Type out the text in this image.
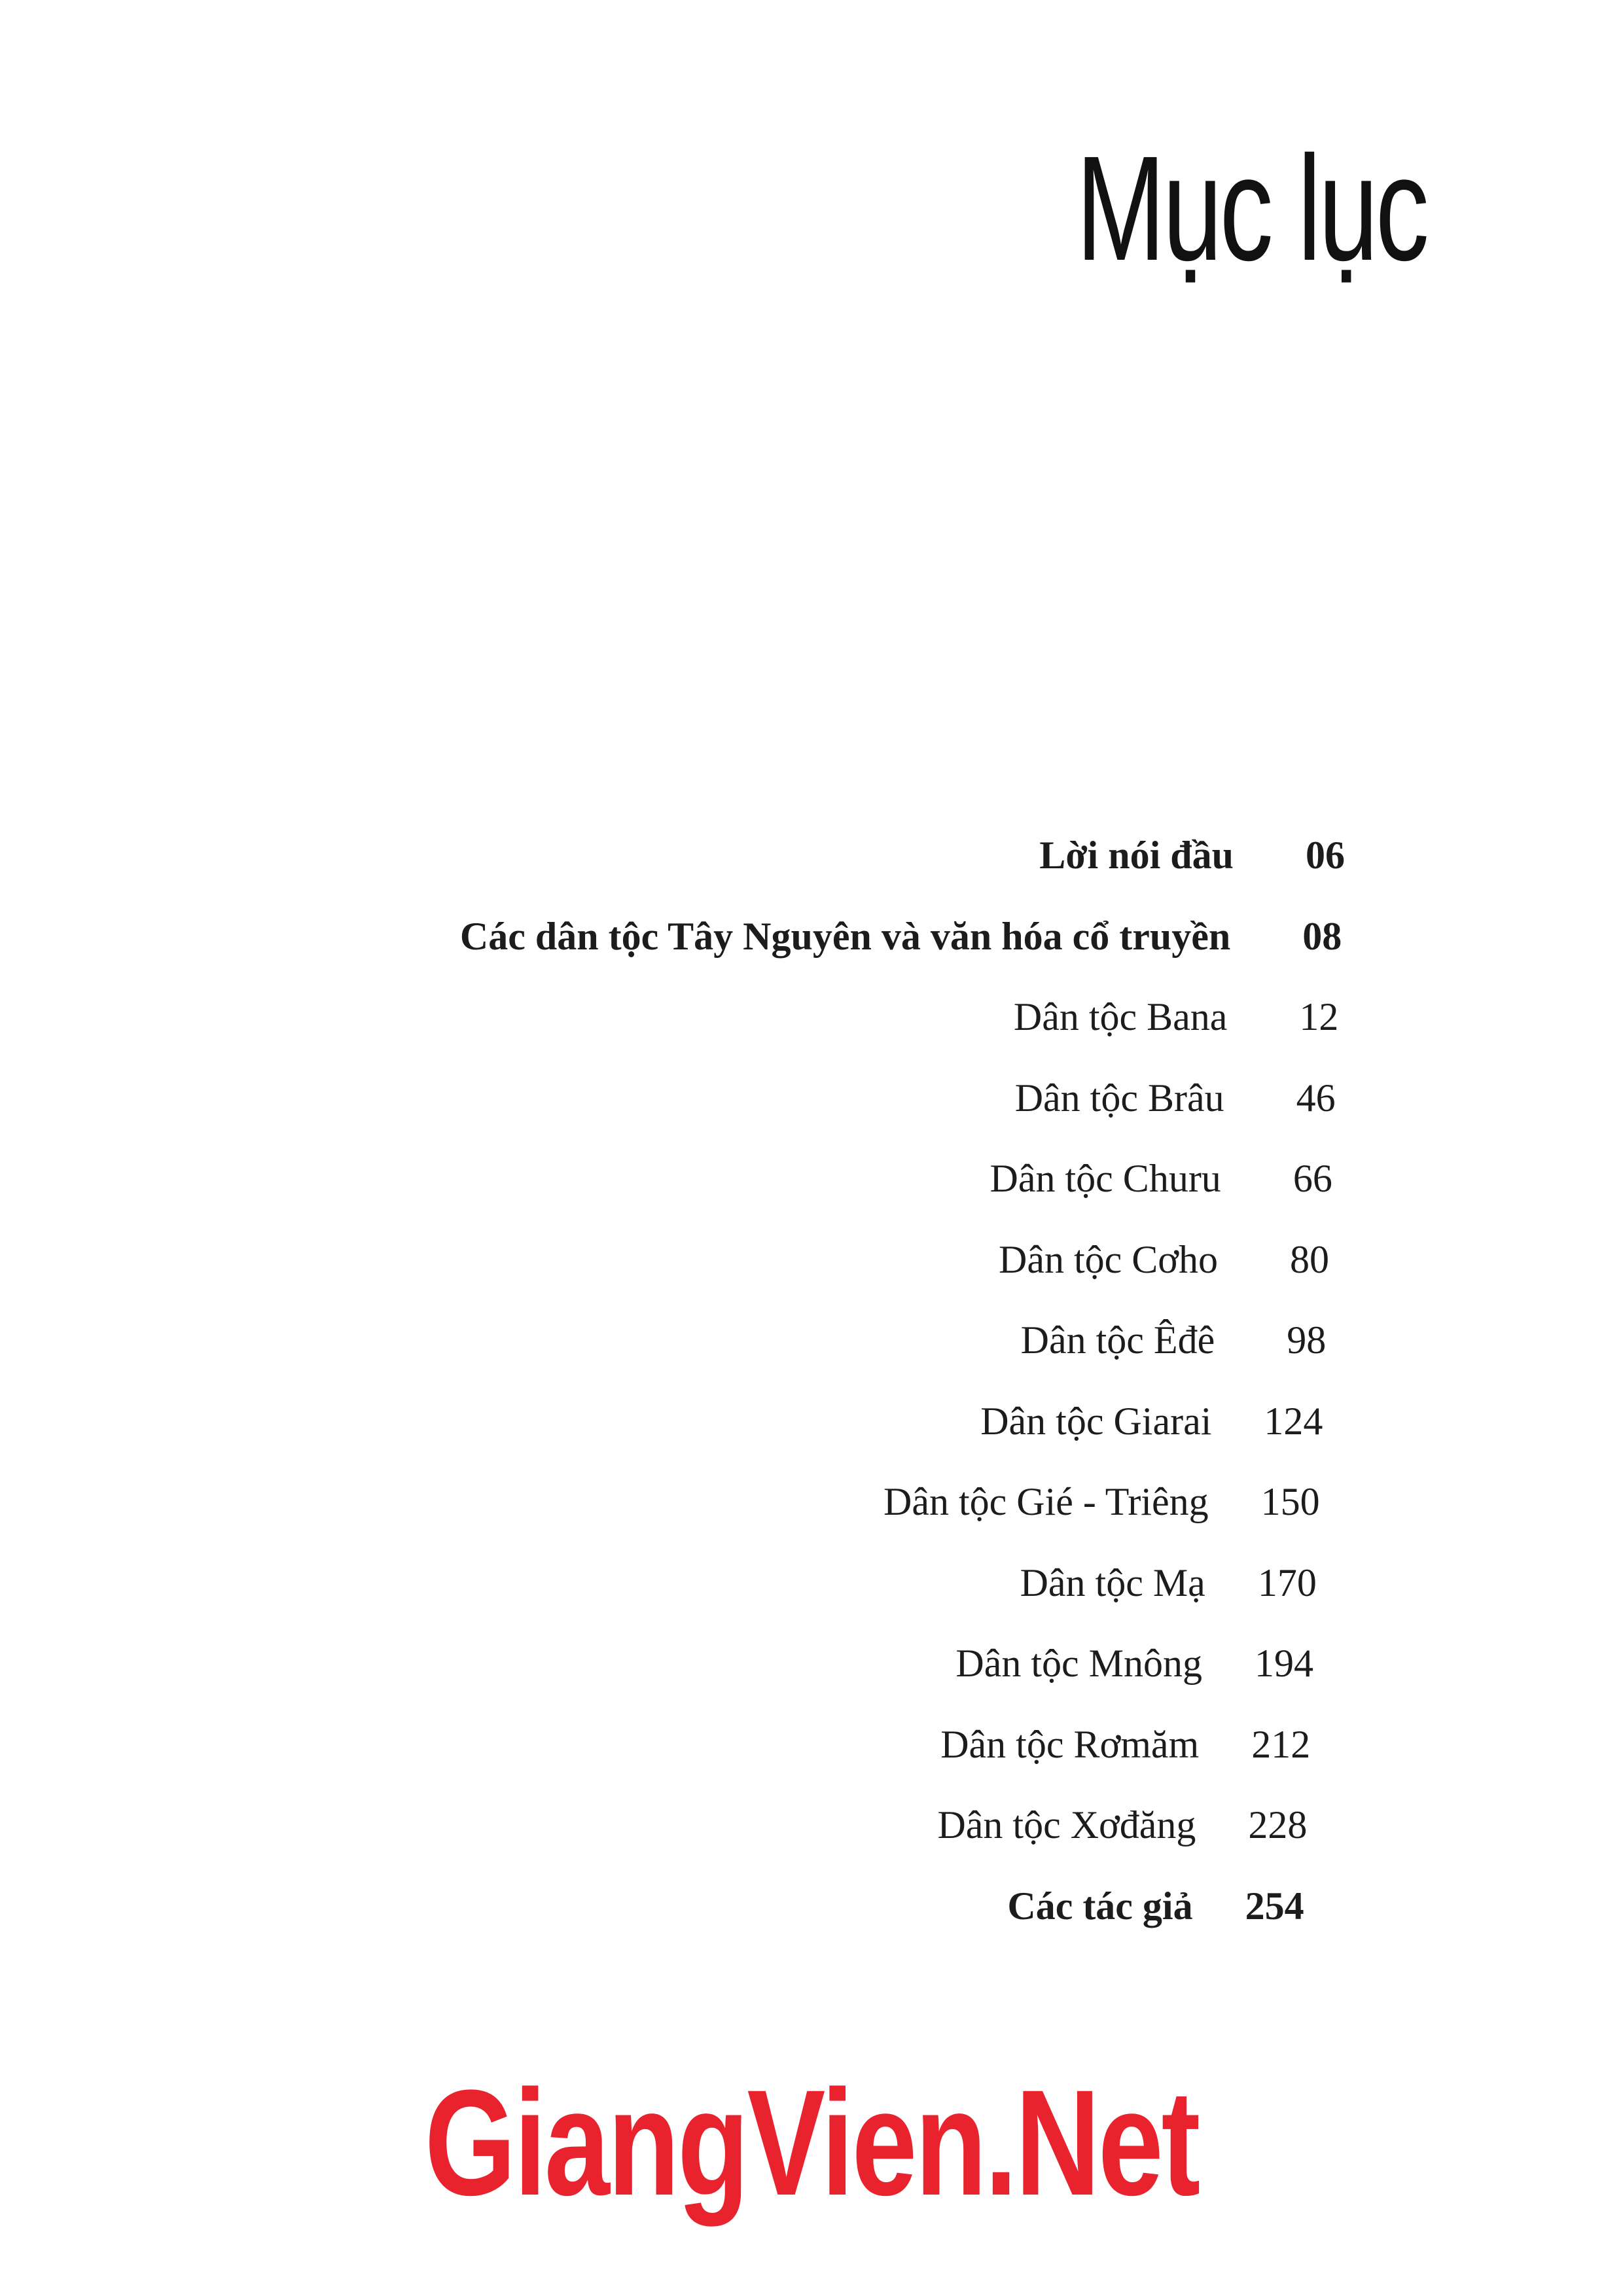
Mục lục
Lời nói đầu 06
Các dân tộc Tây Nguyên và văn hóa cổ truyền 08
Dân tộc Bana 12
Dân tộc Brâu 46
Dân tộc Churu 66
Dân tộc Cơho 80
Dân tộc Êđê 98
Dân tộc Giarai 124
Dân tộc Gié - Triêng 150
Dân tộc Mạ 170
Dân tộc Mnông 194
Dân tộc Rơmăm 212
Dân tộc Xơđăng 228
Các tác giả 254
GiangVien.Net
